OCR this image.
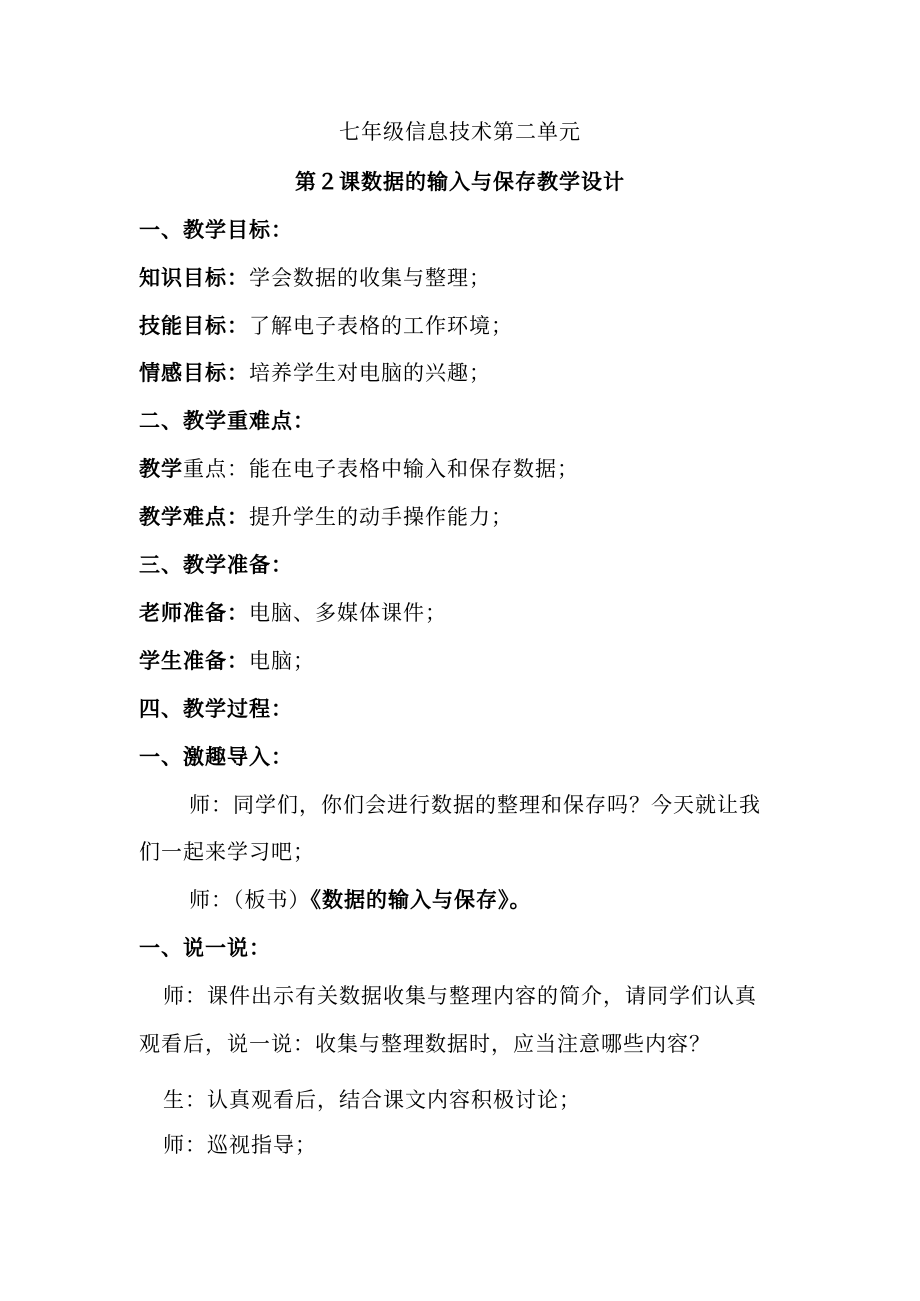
七年级信息技术第二单元
第２课数据的输入与保存教学设计
一、教学目标：
知识目标：学会数据的收集与整理；
技能目标：了解电子表格的工作环境；
情感目标：培养学生对电脑的兴趣；
二、教学重难点：
教学重点：能在电子表格中输入和保存数据；
教学难点：提升学生的动手操作能力；
三、教学准备：
老师准备：电脑、多媒体课件；
学生准备：电脑；
四、教学过程：
一、激趣导入：
师：同学们，你们会进行数据的整理和保存吗？今天就让我
们一起来学习吧；
师：（板书）《数据的输入与保存》。
一、说一说：
师：课件出示有关数据收集与整理内容的简介，请同学们认真
观看后，说一说：收集与整理数据时，应当注意哪些内容？
生：认真观看后，结合课文内容积极讨论；
师：巡视指导；
